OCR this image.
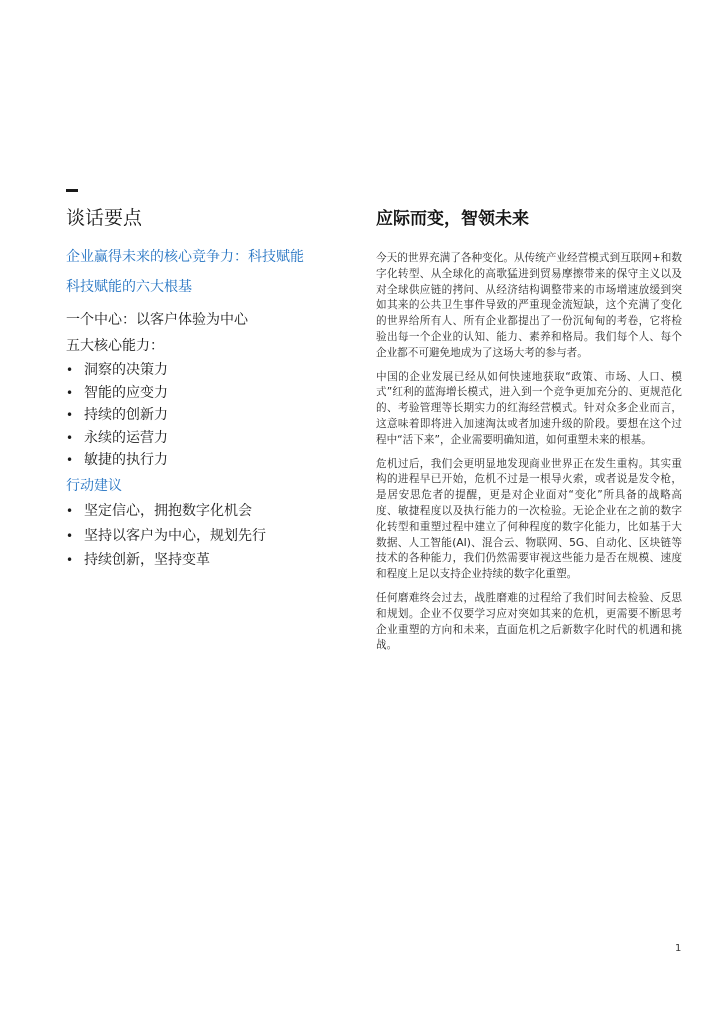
谈话要点	应际而变，智领未来
企业赢得未来的核心竞争力：科技赋能
科技赋能的六大根基
一个中心：以客户体验为中心
五大核心能力：
• 洞察的决策力
• 智能的应变力
• 持续的创新力
• 永续的运营力
• 敏捷的执行力
行动建议
• 坚定信心，拥抱数字化机会
• 坚持以客户为中心，规划先行
• 持续创新，坚持变革

今天的世界充满了各种变化。从传统产业经营模式到互联网+和数字化转型、从全球化的高歌猛进到贸易摩擦带来的保守主义以及对全球供应链的拷问、从经济结构调整带来的市场增速放缓到突如其来的公共卫生事件导致的严重现金流短缺，这个充满了变化的世界给所有人、所有企业都提出了一份沉甸甸的考卷，它将检验出每一个企业的认知、能力、素养和格局。我们每个人、每个企业都不可避免地成为了这场大考的参与者。

中国的企业发展已经从如何快速地获取“政策、市场、人口、模式”红利的蓝海增长模式，进入到一个竞争更加充分的、更规范化的、考验管理等长期实力的红海经营模式。针对众多企业而言，这意味着即将进入加速淘汰或者加速升级的阶段。要想在这个过程中“活下来”，企业需要明确知道，如何重塑未来的根基。

危机过后，我们会更明显地发现商业世界正在发生重构。其实重构的进程早已开始，危机不过是一根导火索，或者说是发令枪，是居安思危者的提醒，更是对企业面对“变化”所具备的战略高度、敏捷程度以及执行能力的一次检验。无论企业在之前的数字化转型和重塑过程中建立了何种程度的数字化能力，比如基于大数据、人工智能(AI)、混合云、物联网、5G、自动化、区块链等技术的各种能力，我们仍然需要审视这些能力是否在规模、速度和程度上足以支持企业持续的数字化重塑。

任何磨难终会过去，战胜磨难的过程给了我们时间去检验、反思和规划。企业不仅要学习应对突如其来的危机，更需要不断思考企业重塑的方向和未来，直面危机之后新数字化时代的机遇和挑战。

1
